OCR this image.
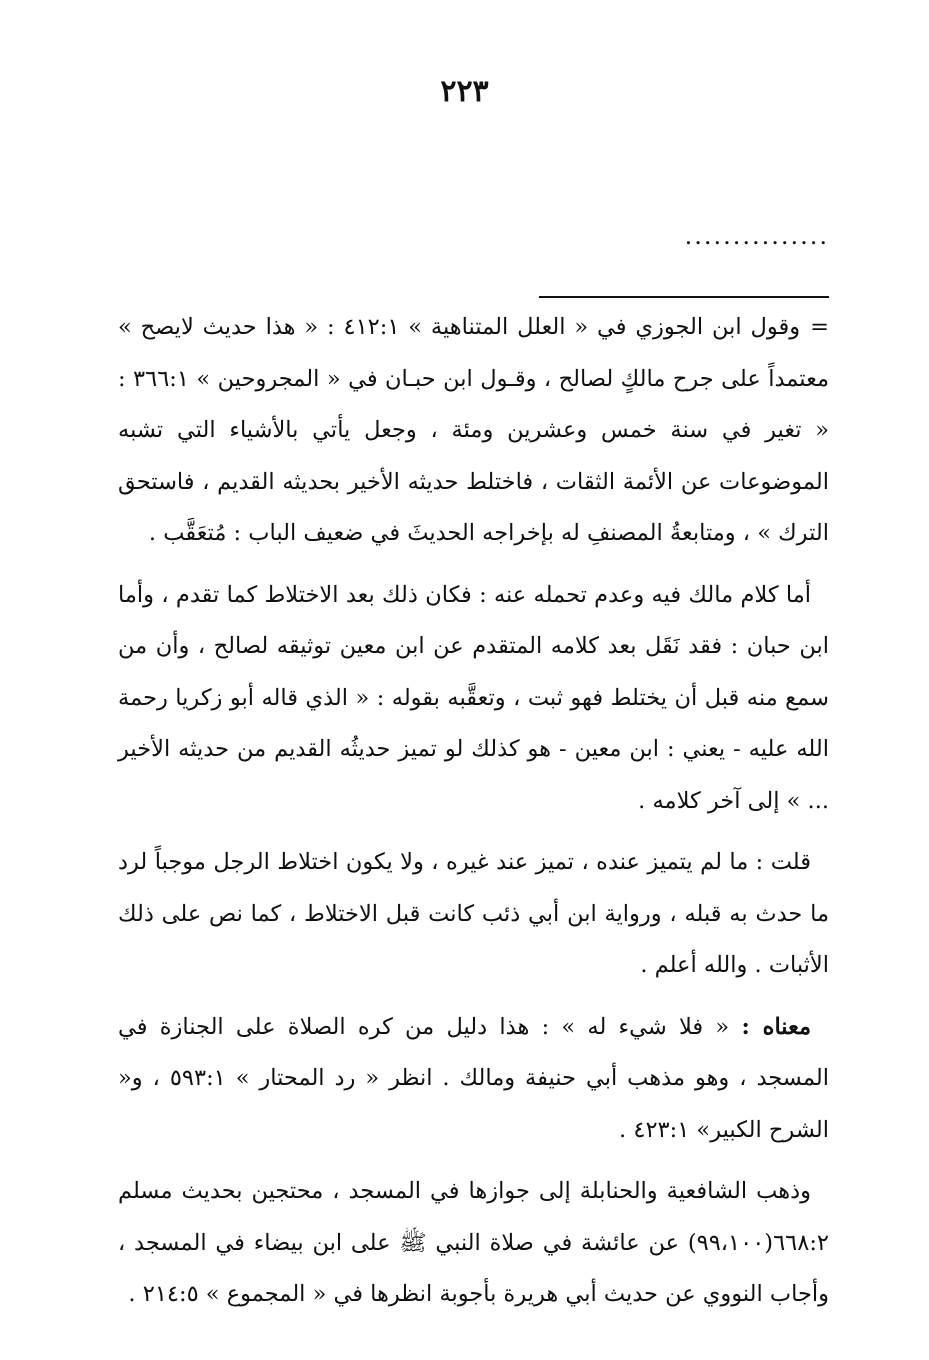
٢٢٣
...............

=وقول ابن الجوزي في « العلل المتناهية » ٤١٢:١ : « هذا حديث لايصح » معتمداً على جرح مالكٍ لصالح ، وقـول ابن حبـان في « المجروحين » ٣٦٦:١ : « تغير في سنة خمس وعشرين ومئة ، وجعل يأتي بالأشياء التي تشبه الموضوعات عن الأئمة الثقات ، فاختلط حديثه الأخير بحديثه القديم ، فاستحق الترك » ، ومتابعةُ المصنفِ له بإخراجه الحديثَ في ضعيف الباب : مُتعَقَّب .

أما كلام مالك فيه وعدم تحمله عنه : فكان ذلك بعد الاختلاط كما تقدم ، وأما ابن حبان : فقد نَقَل بعد كلامه المتقدم عن ابن معين توثيقه لصالح ، وأن من سمع منه قبل أن يختلط فهو ثبت ، وتعقَّبه بقوله : « الذي قاله أبو زكريا رحمة الله عليه - يعني : ابن معين - هو كذلك لو تميز حديثُه القديم من حديثه الأخير ... » إلى آخر كلامه .

قلت : ما لم يتميز عنده ، تميز عند غيره ، ولا يكون اختلاط الرجل موجباً لرد ما حدث به قبله ، ورواية ابن أبي ذئب كانت قبل الاختلاط ، كما نص على ذلك الأثبات . والله أعلم .

معناه : « فلا شيء له » : هذا دليل من كره الصلاة على الجنازة في المسجد ، وهو مذهب أبي حنيفة ومالك . انظر « رد المحتار » ٥٩٣:١ ، و« الشرح الكبير» ٤٢٣:١ .

وذهب الشافعية والحنابلة إلى جوازها في المسجد ، محتجين بحديث مسلم ٦٦٨:٢(٩٩،١٠٠) عن عائشة في صلاة النبي ﷺ على ابن بيضاء في المسجد ، وأجاب النووي عن حديث أبي هريرة بأجوبة انظرها في « المجموع » ٢١٤:٥ .
